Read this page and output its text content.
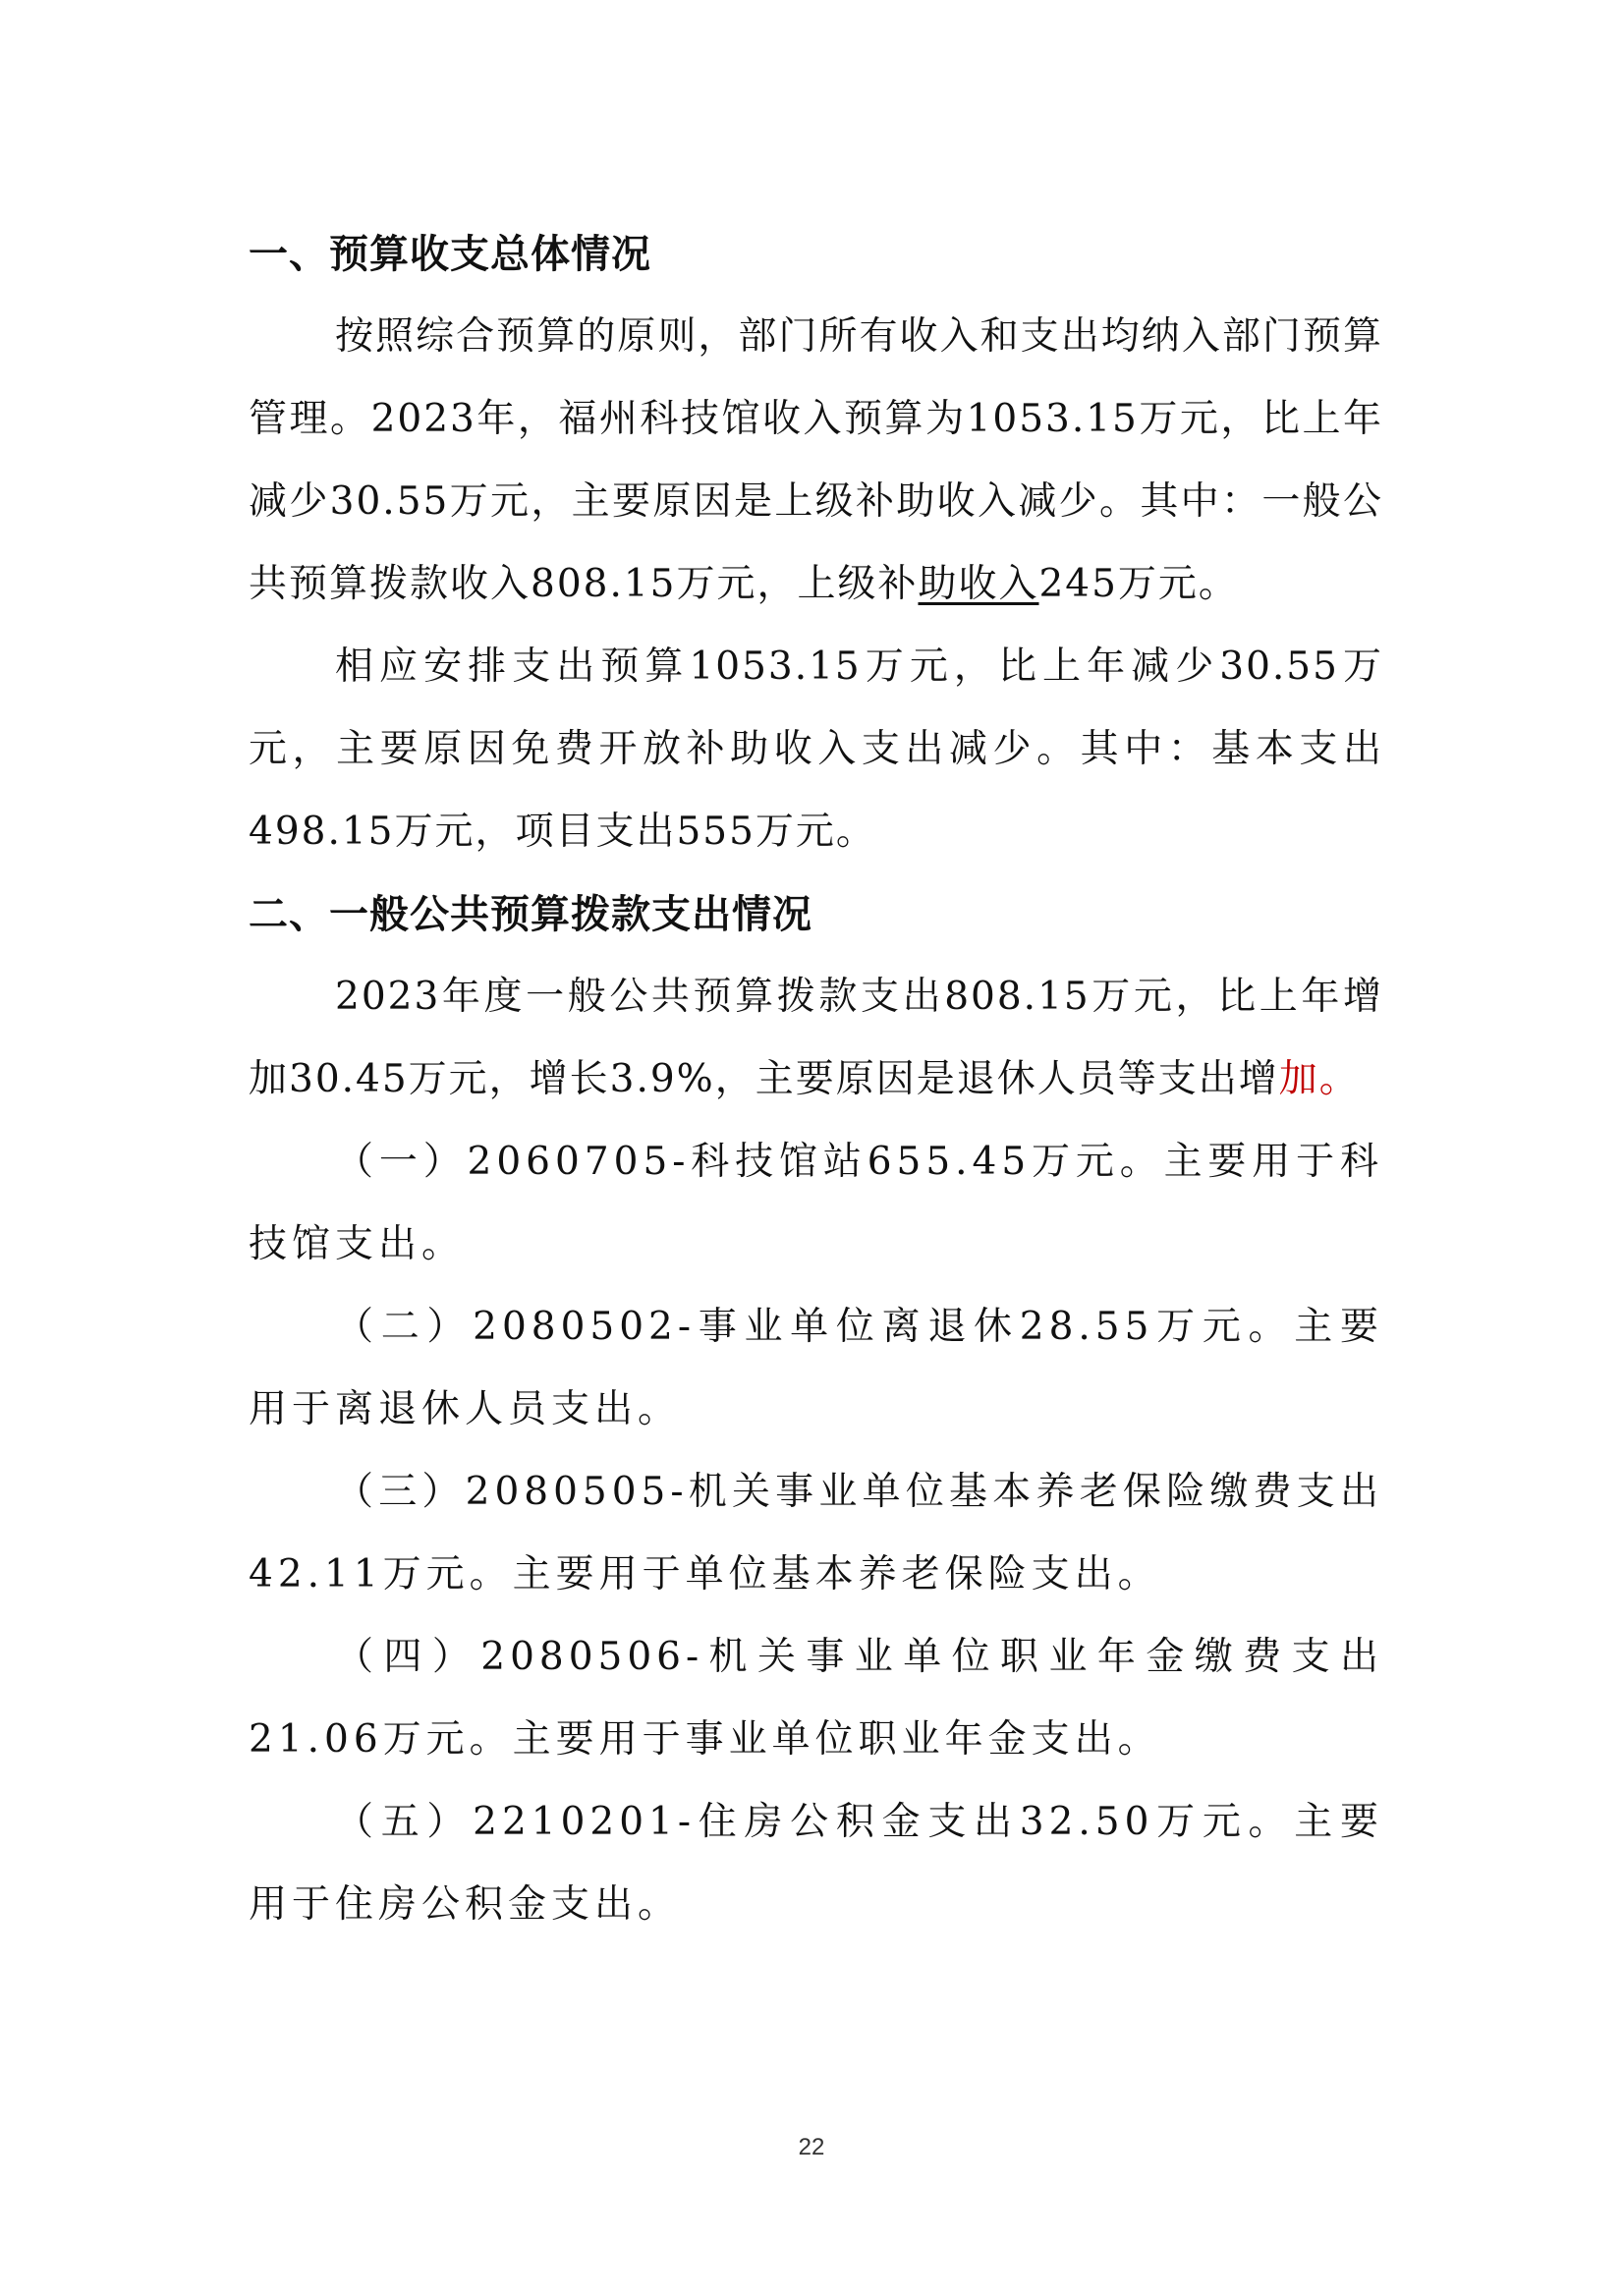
一、预算收支总体情况

按照综合预算的原则，部门所有收入和支出均纳入部门预算管理。2023年，福州科技馆收入预算为1053.15万元，比上年减少30.55万元，主要原因是上级补助收入减少。其中：一般公共预算拨款收入808.15万元，上级补助收入245万元。

相应安排支出预算1053.15万元，比上年减少30.55万元，主要原因免费开放补助收入支出减少。其中：基本支出498.15万元，项目支出555万元。

二、一般公共预算拨款支出情况

2023年度一般公共预算拨款支出808.15万元，比上年增加30.45万元，增长3.9%，主要原因是退休人员等支出增加。

（一）2060705-科技馆站655.45万元。主要用于科技馆支出。

（二）2080502-事业单位离退休28.55万元。主要用于离退休人员支出。

（三）2080505-机关事业单位基本养老保险缴费支出42.11万元。主要用于单位基本养老保险支出。

（四）2080506-机关事业单位职业年金缴费支出21.06万元。主要用于事业单位职业年金支出。

（五）2210201-住房公积金支出32.50万元。主要用于住房公积金支出。

22
